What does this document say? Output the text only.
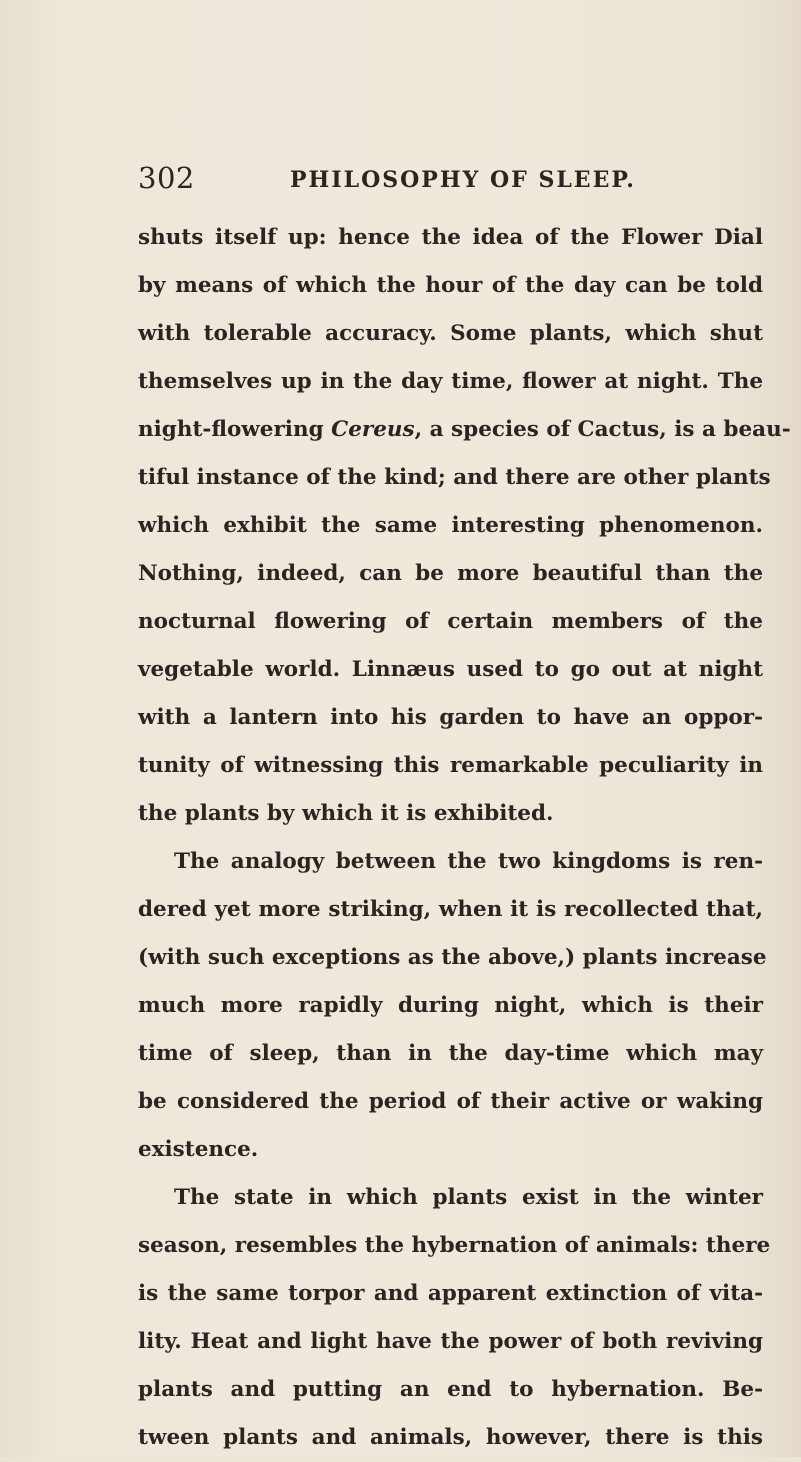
302	PHILOSOPHY OF SLEEP.
shuts itself up: hence the idea of the Flower Dial
by means of which the hour of the day can be told
with tolerable accuracy. Some plants, which shut
themselves up in the day time, flower at night. The
night-flowering Cereus, a species of Cactus, is a beau-
tiful instance of the kind; and there are other plants
which exhibit the same interesting phenomenon.
Nothing, indeed, can be more beautiful than the
nocturnal flowering of certain members of the
vegetable world. Linnæus used to go out at night
with a lantern into his garden to have an oppor-
tunity of witnessing this remarkable peculiarity in
the plants by which it is exhibited.
The analogy between the two kingdoms is ren-
dered yet more striking, when it is recollected that,
(with such exceptions as the above,) plants increase
much more rapidly during night, which is their
time of sleep, than in the day-time which may
be considered the period of their active or waking
existence.
The state in which plants exist in the winter
season, resembles the hybernation of animals: there
is the same torpor and apparent extinction of vita-
lity. Heat and light have the power of both reviving
plants and putting an end to hybernation. Be-
tween plants and animals, however, there is this
